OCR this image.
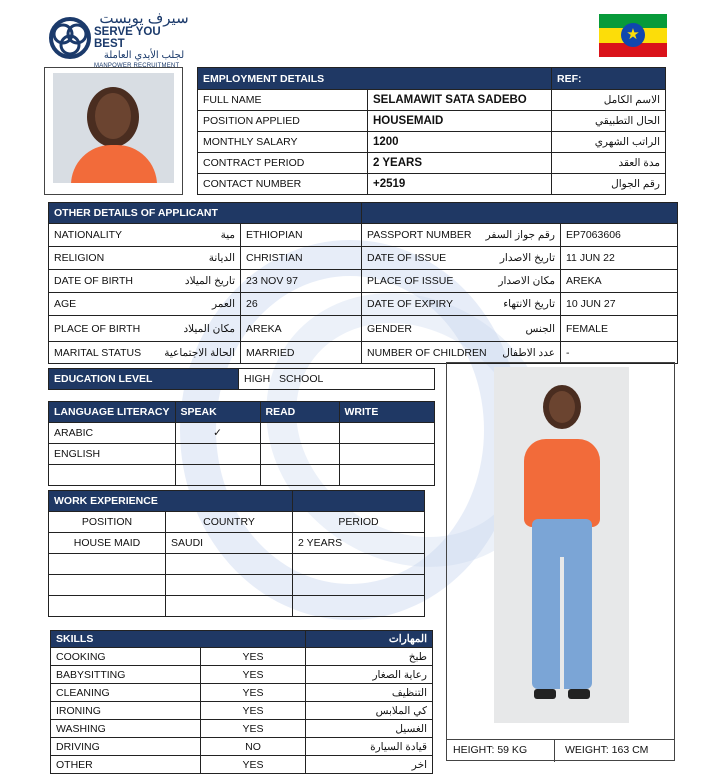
سيرف يوبست
SERVE YOU BEST
لجلب الأيدي العاملة
MANPOWER RECRUITMENT
★
EMPLOYMENT DETAILS		REF:
FULL NAME	SELAMAWIT SATA SADEBO	الاسم الكامل
POSITION APPLIED	HOUSEMAID	الحال التطبيقي
MONTHLY SALARY	1200	الراتب الشهري
CONTRACT PERIOD	2 YEARS	مدة العقد
CONTACT NUMBER	+2519	رقم الجوال
OTHER DETAILS OF APPLICANT			
NATIONALITY مية	ETHIOPIAN	PASSPORT NUMBER رقم جواز السفر	EP7063606
RELIGION الديانة	CHRISTIAN	DATE OF ISSUE تاريخ الاصدار	11 JUN 22
DATE OF BIRTH تاريخ الميلاد	23 NOV 97	PLACE OF ISSUE مكان الاصدار	AREKA
AGE العمر	26	DATE OF EXPIRY تاريخ الانتهاء	10 JUN 27
PLACE OF BIRTH مكان الميلاد	AREKA	GENDER الجنس	FEMALE
MARITAL STATUS الحالة الاجتماعية	MARRIED	NUMBER OF CHILDREN عدد الاطفال	-
EDUCATION LEVEL	HIGH   SCHOOL
LANGUAGE LITERACY	SPEAK	READ	WRITE
ARABIC	✓		
ENGLISH			

WORK EXPERIENCE		
POSITION	COUNTRY	PERIOD
HOUSE MAID	SAUDI	2 YEARS

SKILLS		المهارات
COOKING	YES	طبخ
BABYSITTING	YES	رعاية الصغار
CLEANING	YES	التنظيف
IRONING	YES	كي الملابس
WASHING	YES	الغسيل
DRIVING	NO	قيادة السيارة
OTHER	YES	اخر
HEIGHT: 59 KG	WEIGHT: 163 CM
